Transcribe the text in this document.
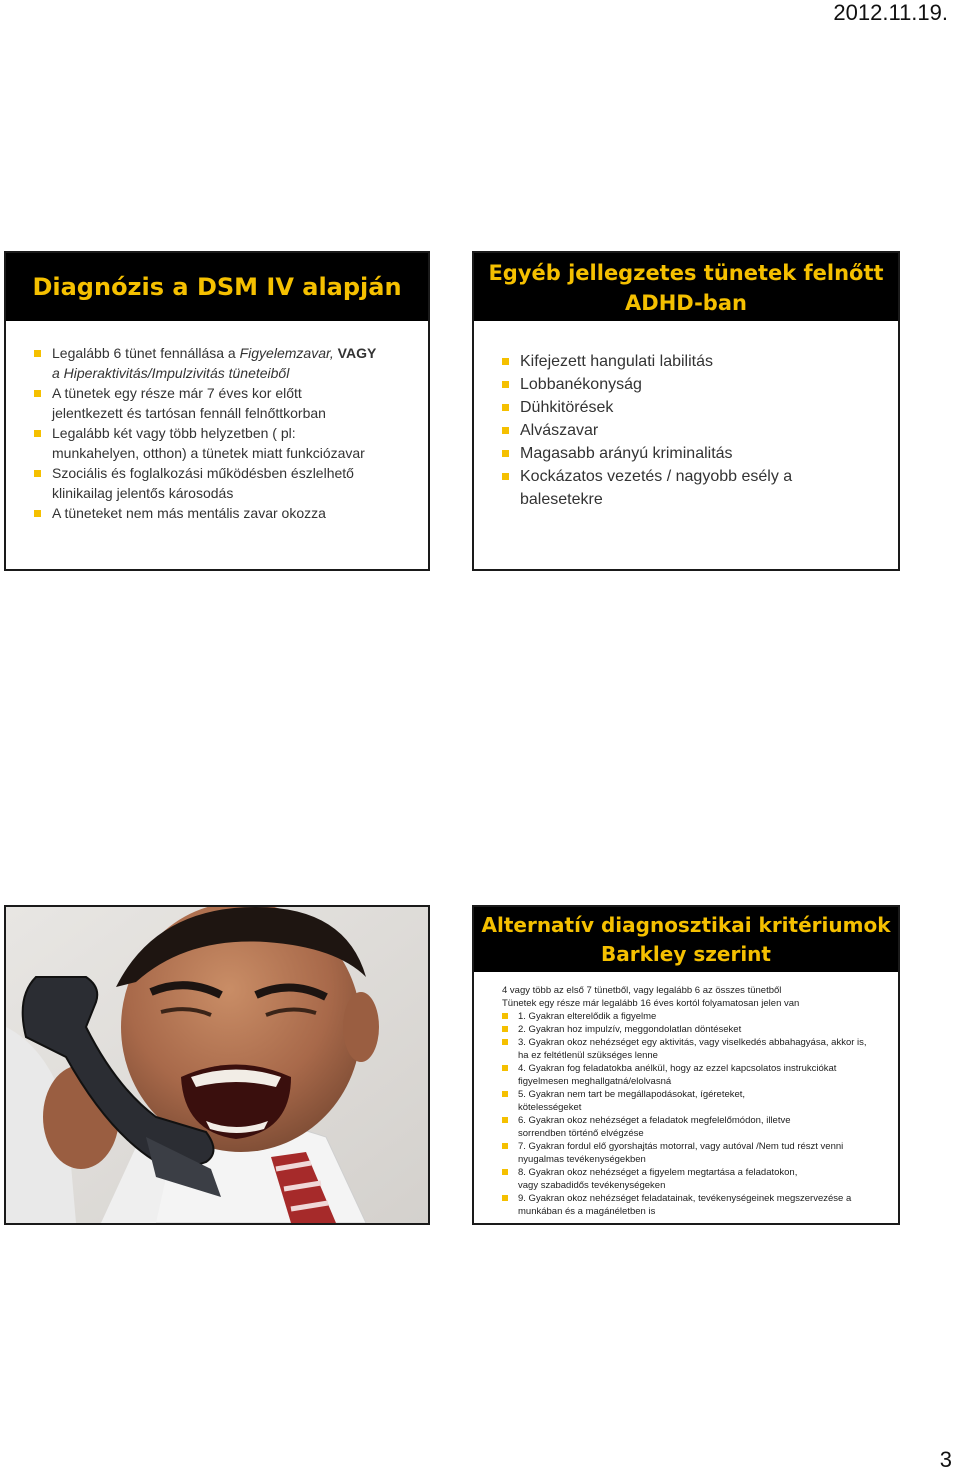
2012.11.19.
Diagnózis a DSM IV alapján
Legalább 6 tünet fennállása a Figyelemzavar, VAGY
a Hiperaktivitás/Impulzivitás tüneteiből
A tünetek egy része már 7 éves kor előtt
jelentkezett és tartósan fennáll felnőttkorban
Legalább két vagy több helyzetben ( pl:
munkahelyen, otthon) a tünetek miatt funkciózavar
Szociális és foglalkozási működésben észlelhető
klinikailag jelentős károsodás
A tüneteket nem más mentális zavar okozza
Egyéb jellegzetes tünetek felnőtt
ADHD-ban
Kifejezett hangulati labilitás
Lobbanékonyság
Dühkitörések
Alvászavar
Magasabb arányú kriminalitás
Kockázatos vezetés / nagyobb esély a
balesetekre
Alternatív diagnosztikai kritériumok
Barkley szerint
4 vagy több az első 7 tünetből, vagy legalább 6 az összes tünetből
Tünetek egy része már legalább 16 éves kortól folyamatosan jelen van
1. Gyakran elterelődik a figyelme
2. Gyakran hoz impulzív, meggondolatlan döntéseket
3. Gyakran okoz nehézséget egy aktivitás, vagy viselkedés abbahagyása, akkor is,
ha ez feltétlenül szükséges lenne
4. Gyakran fog feladatokba anélkül, hogy az ezzel kapcsolatos instrukciókat
figyelmesen meghallgatná/elolvasná
5. Gyakran nem tart be megállapodásokat, ígéreteket,
kötelességeket
6. Gyakran okoz nehézséget a feladatok megfelelőmódon, illetve
sorrendben történő elvégzése
7. Gyakran fordul elő gyorshajtás motorral, vagy autóval /Nem tud részt venni
nyugalmas tevékenységekben
8. Gyakran okoz nehézséget a figyelem megtartása a feladatokon,
vagy szabadidős tevékenységeken
9. Gyakran okoz nehézséget feladatainak, tevékenységeinek megszervezése a
munkában és a magánéletben is
3
